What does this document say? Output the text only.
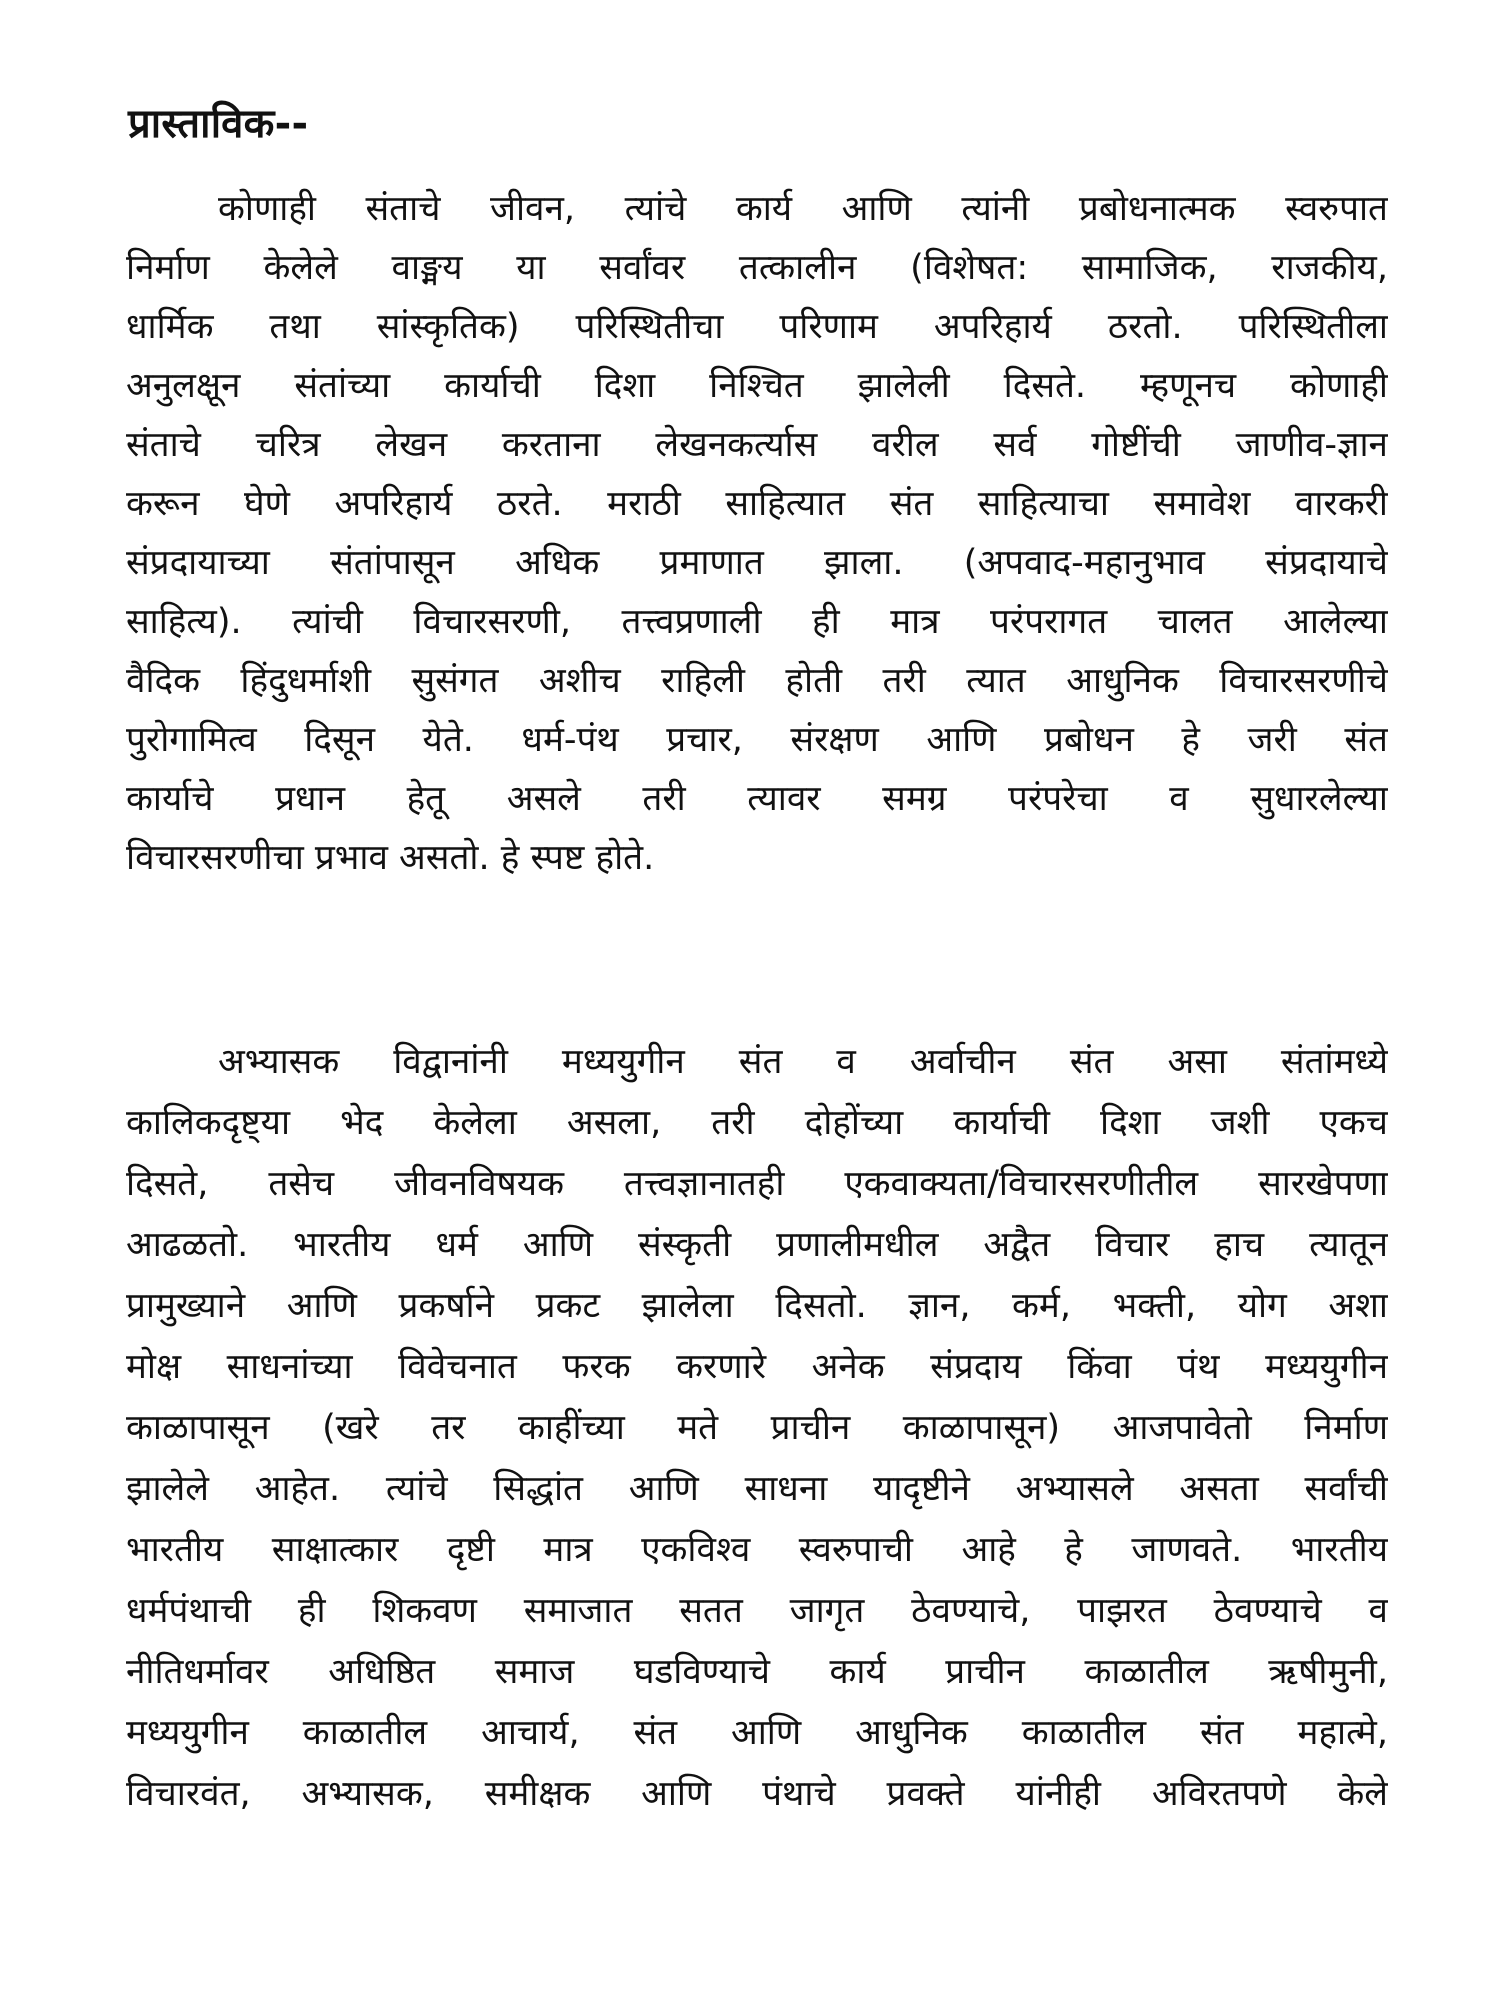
प्रास्ताविक--
कोणाही संताचे जीवन, त्यांचे कार्य आणि त्यांनी प्रबोधनात्मक स्वरुपात
निर्माण केलेले वाङ्मय या सर्वांवर तत्कालीन (विशेषत: सामाजिक, राजकीय,
धार्मिक तथा सांस्कृतिक) परिस्थितीचा परिणाम अपरिहार्य ठरतो. परिस्थितीला
अनुलक्षून संतांच्या कार्याची दिशा निश्चित झालेली दिसते. म्हणूनच कोणाही
संताचे चरित्र लेखन करताना लेखनकर्त्यास वरील सर्व गोष्टींची जाणीव-ज्ञान
करून घेणे अपरिहार्य ठरते. मराठी साहित्यात संत साहित्याचा समावेश वारकरी
संप्रदायाच्या संतांपासून अधिक प्रमाणात झाला. (अपवाद-महानुभाव संप्रदायाचे
साहित्य). त्यांची विचारसरणी, तत्त्वप्रणाली ही मात्र परंपरागत चालत आलेल्या
वैदिक हिंदुधर्माशी सुसंगत अशीच राहिली होती तरी त्यात आधुनिक विचारसरणीचे
पुरोगामित्व दिसून येते. धर्म-पंथ प्रचार, संरक्षण आणि प्रबोधन हे जरी संत
कार्याचे प्रधान हेतू असले तरी त्यावर समग्र परंपरेचा व सुधारलेल्या
विचारसरणीचा प्रभाव असतो. हे स्पष्ट होते.
अभ्यासक विद्वानांनी मध्ययुगीन संत व अर्वाचीन संत असा संतांमध्ये
कालिकदृष्ट्या भेद केलेला असला, तरी दोहोंच्या कार्याची दिशा जशी एकच
दिसते, तसेच जीवनविषयक तत्त्वज्ञानातही एकवाक्यता/विचारसरणीतील सारखेपणा
आढळतो. भारतीय धर्म आणि संस्कृती प्रणालीमधील अद्वैत विचार हाच त्यातून
प्रामुख्याने आणि प्रकर्षाने प्रकट झालेला दिसतो. ज्ञान, कर्म, भक्ती, योग अशा
मोक्ष साधनांच्या विवेचनात फरक करणारे अनेक संप्रदाय किंवा पंथ मध्ययुगीन
काळापासून (खरे तर काहींच्या मते प्राचीन काळापासून) आजपावेतो निर्माण
झालेले आहेत. त्यांचे सिद्धांत आणि साधना यादृष्टीने अभ्यासले असता सर्वांची
भारतीय साक्षात्कार दृष्टी मात्र एकविश्व स्वरुपाची आहे हे जाणवते. भारतीय
धर्मपंथाची ही शिकवण समाजात सतत जागृत ठेवण्याचे, पाझरत ठेवण्याचे व
नीतिधर्मावर अधिष्ठित समाज घडविण्याचे कार्य प्राचीन काळातील ऋषीमुनी,
मध्ययुगीन काळातील आचार्य, संत आणि आधुनिक काळातील संत महात्मे,
विचारवंत, अभ्यासक, समीक्षक आणि पंथाचे प्रवक्ते यांनीही अविरतपणे केले
